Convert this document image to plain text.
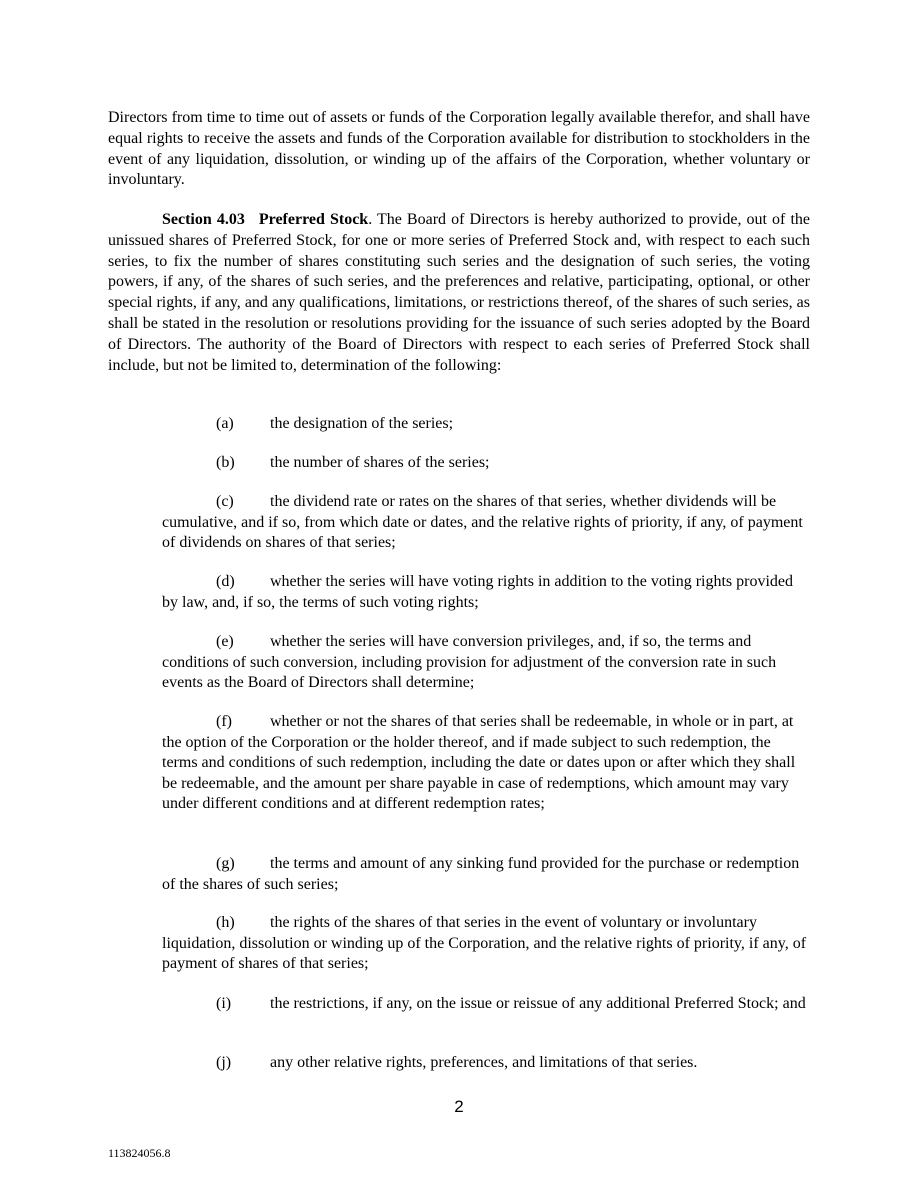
Directors from time to time out of assets or funds of the Corporation legally available therefor, and shall have equal rights to receive the assets and funds of the Corporation available for distribution to stockholders in the event of any liquidation, dissolution, or winding up of the affairs of the Corporation, whether voluntary or involuntary.

Section 4.03 Preferred Stock. The Board of Directors is hereby authorized to provide, out of the unissued shares of Preferred Stock, for one or more series of Preferred Stock and, with respect to each such series, to fix the number of shares constituting such series and the designation of such series, the voting powers, if any, of the shares of such series, and the preferences and relative, participating, optional, or other special rights, if any, and any qualifications, limitations, or restrictions thereof, of the shares of such series, as shall be stated in the resolution or resolutions providing for the issuance of such series adopted by the Board of Directors. The authority of the Board of Directors with respect to each series of Preferred Stock shall include, but not be limited to, determination of the following:

(a)	the designation of the series;
(b)	the number of shares of the series;
(c)	the dividend rate or rates on the shares of that series, whether dividends will be cumulative, and if so, from which date or dates, and the relative rights of priority, if any, of payment of dividends on shares of that series;
(d)	whether the series will have voting rights in addition to the voting rights provided by law, and, if so, the terms of such voting rights;
(e)	whether the series will have conversion privileges, and, if so, the terms and conditions of such conversion, including provision for adjustment of the conversion rate in such events as the Board of Directors shall determine;
(f)	whether or not the shares of that series shall be redeemable, in whole or in part, at the option of the Corporation or the holder thereof, and if made subject to such redemption, the terms and conditions of such redemption, including the date or dates upon or after which they shall be redeemable, and the amount per share payable in case of redemptions, which amount may vary under different conditions and at different redemption rates;
(g)	the terms and amount of any sinking fund provided for the purchase or redemption of the shares of such series;
(h)	the rights of the shares of that series in the event of voluntary or involuntary liquidation, dissolution or winding up of the Corporation, and the relative rights of priority, if any, of payment of shares of that series;
(i)	the restrictions, if any, on the issue or reissue of any additional Preferred Stock; and
(j)	any other relative rights, preferences, and limitations of that series.
2
113824056.8
